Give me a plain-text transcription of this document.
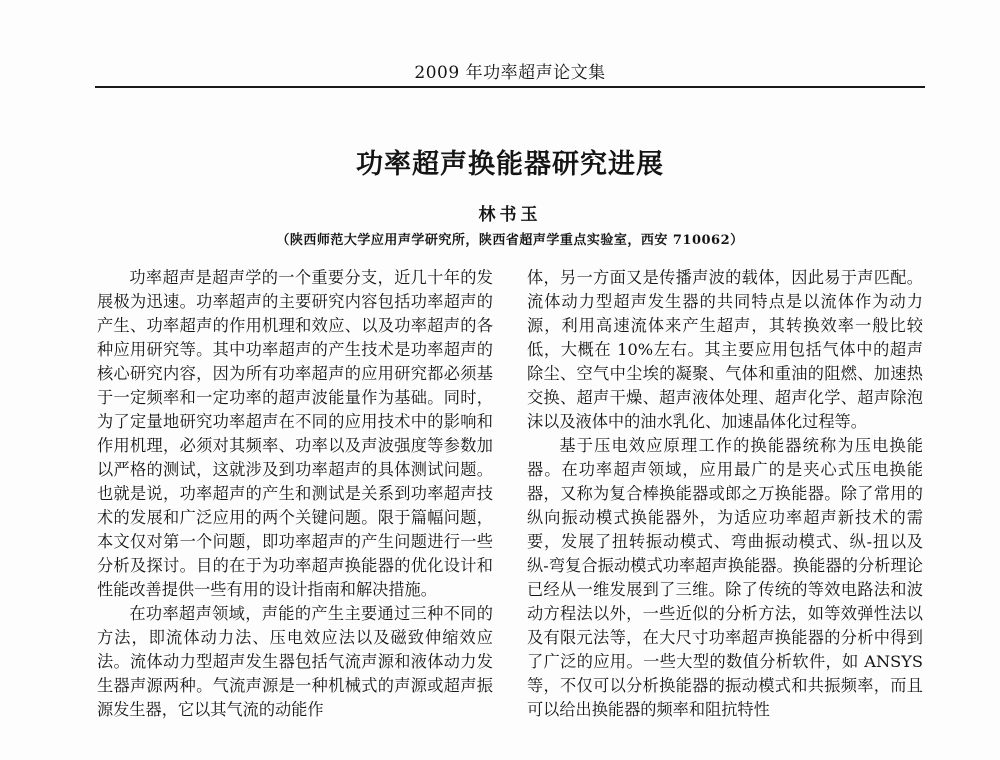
2009 年功率超声论文集
功率超声换能器研究进展
林书玉
（陕西师范大学应用声学研究所，陕西省超声学重点实验室，西安 710062）

功率超声是超声学的一个重要分支，近几十年的发展极为迅速。功率超声的主要研究内容包括功率超声的产生、功率超声的作用机理和效应、以及功率超声的各种应用研究等。其中功率超声的产生技术是功率超声的核心研究内容，因为所有功率超声的应用研究都必须基于一定频率和一定功率的超声波能量作为基础。同时，为了定量地研究功率超声在不同的应用技术中的影响和作用机理，必须对其频率、功率以及声波强度等参数加以严格的测试，这就涉及到功率超声的具体测试问题。也就是说，功率超声的产生和测试是关系到功率超声技术的发展和广泛应用的两个关键问题。限于篇幅问题，本文仅对第一个问题，即功率超声的产生问题进行一些分析及探讨。目的在于为功率超声换能器的优化设计和性能改善提供一些有用的设计指南和解决措施。

在功率超声领域，声能的产生主要通过三种不同的方法，即流体动力法、压电效应法以及磁致伸缩效应法。流体动力型超声发生器包括气流声源和液体动力发生器声源两种。气流声源是一种机械式的声源或超声振源发生器，它以其气流的动能作

体，另一方面又是传播声波的载体，因此易于声匹配。流体动力型超声发生器的共同特点是以流体作为动力源，利用高速流体来产生超声，其转换效率一般比较低，大概在 10%左右。其主要应用包括气体中的超声除尘、空气中尘埃的凝聚、气体和重油的阻燃、加速热交换、超声干燥、超声液体处理、超声化学、超声除泡沫以及液体中的油水乳化、加速晶体化过程等。

基于压电效应原理工作的换能器统称为压电换能器。在功率超声领域，应用最广的是夹心式压电换能器，又称为复合棒换能器或郎之万换能器。除了常用的纵向振动模式换能器外，为适应功率超声新技术的需要，发展了扭转振动模式、弯曲振动模式、纵-扭以及纵-弯复合振动模式功率超声换能器。换能器的分析理论已经从一维发展到了三维。除了传统的等效电路法和波动方程法以外，一些近似的分析方法，如等效弹性法以及有限元法等，在大尺寸功率超声换能器的分析中得到了广泛的应用。一些大型的数值分析软件，如 ANSYS 等，不仅可以分析换能器的振动模式和共振频率，而且可以给出换能器的频率和阻抗特性
